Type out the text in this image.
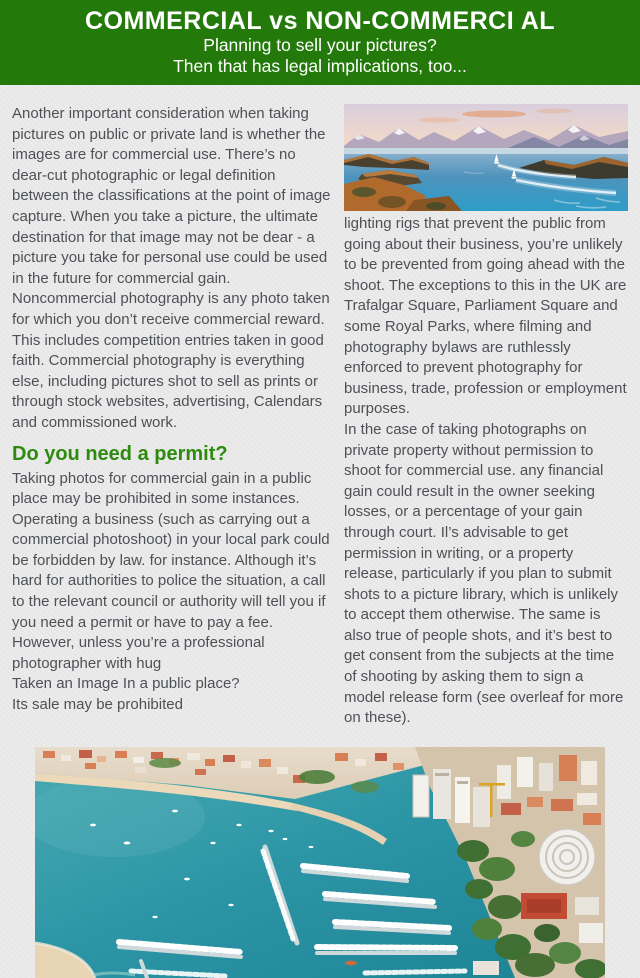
COMMERCIAL vs NON-COMMERCI AL
Planning to sell your pictures?
Then that has legal implications, too...

Another important consideration when taking pictures on public or private land is whether the images are for commercial use. There’s no dear-cut photographic or legal definition between the classifications at the point of image capture. When you take a picture, the ultimate destination for that image may not be dear - a picture you take for personal use could be used in the future for commercial gain. Noncommercial photography is any photo taken for which you don’t receive commercial reward. This includes competition entries taken in good faith. Commercial photography is everything else, including pictures shot to sell as prints or through stock websites, advertising, Calendars and commissioned work.

Do you need a permit?

Taking photos for commercial gain in a public place may be prohibited in some instances. Operating a business (such as carrying out a commercial photoshoot) in your local park could be forbidden by law. for instance. Although it’s hard for authorities to police the situation, a call to the relevant council or authority will tell you if you need a permit or have to pay a fee. However, unless you’re a professional photographer with hug

Taken an Image In a public place?

Its sale may be prohibited

lighting rigs that prevent the public from going about their business, you’re unlikely to be prevented from going ahead with the shoot. The exceptions to this in the UK are Trafalgar Square, Parliament Square and some Royal Parks, where filming and photography bylaws are ruthlessly enforced to prevent photography for business, trade, profession or employment purposes.

In the case of taking photographs on private property without permission to shoot for commercial use. any financial gain could result in the owner seeking losses, or a percentage of your gain through court. Il’s advisable to get permission in writing, or a property release, particularly if you plan to submit shots to a picture library, which is unlikely to accept them otherwise. The same is also true of people shots, and it’s best to get consent from the subjects at the time of shooting by asking them to sign a model release form (see overleaf for more on these).
